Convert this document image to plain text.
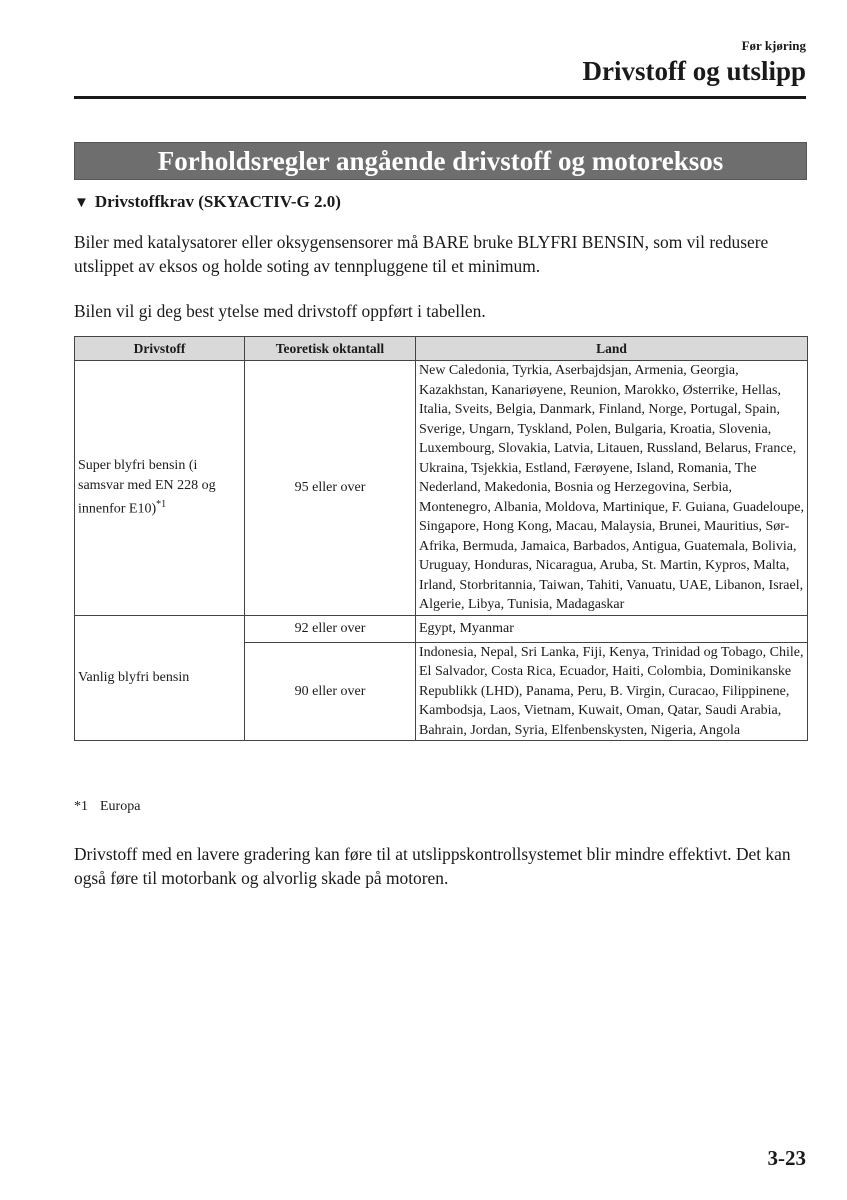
Før kjøring
Drivstoff og utslipp
Forholdsregler angående drivstoff og motoreksos
▼ Drivstoffkrav (SKYACTIV-G 2.0)
Biler med katalysatorer eller oksygensensorer må BARE bruke BLYFRI BENSIN, som vil redusere utslippet av eksos og holde soting av tennpluggene til et minimum.
Bilen vil gi deg best ytelse med drivstoff oppført i tabellen.
Drivstoff	Teoretisk oktantall	Land
Super blyfri bensin (i samsvar med EN 228 og innenfor E10)$^{*1}$	95 eller over	New Caledonia, Tyrkia, Aserbajdsjan, Armenia, Georgia, Kazakhstan, Kanariøyene, Reunion, Marokko, Østerrike, Hellas, Italia, Sveits, Belgia, Danmark, Finland, Norge, Portugal, Spain, Sverige, Ungarn, Tyskland, Polen, Bulgaria, Kroatia, Slovenia, Luxembourg, Slovakia, Latvia, Litauen, Russland, Belarus, France, Ukraina, Tsjekkia, Estland, Færøyene, Island, Romania, The Nederland, Makedonia, Bosnia og Herzegovina, Serbia, Montenegro, Albania, Moldova, Martinique, F. Guiana, Guadeloupe, Singapore, Hong Kong, Macau, Malaysia, Brunei, Mauritius, Sør-Afrika, Bermuda, Jamaica, Barbados, Antigua, Guatemala, Bolivia, Uruguay, Honduras, Nicaragua, Aruba, St. Martin, Kypros, Malta, Irland, Storbritannia, Taiwan, Tahiti, Vanuatu, UAE, Libanon, Israel, Algerie, Libya, Tunisia, Madagaskar
Vanlig blyfri bensin	92 eller over	Egypt, Myanmar
	90 eller over	Indonesia, Nepal, Sri Lanka, Fiji, Kenya, Trinidad og Tobago, Chile, El Salvador, Costa Rica, Ecuador, Haiti, Colombia, Dominikanske Republikk (LHD), Panama, Peru, B. Virgin, Curacao, Filippinene, Kambodsja, Laos, Vietnam, Kuwait, Oman, Qatar, Saudi Arabia, Bahrain, Jordan, Syria, Elfenbenskysten, Nigeria, Angola
*1 Europa
Drivstoff med en lavere gradering kan føre til at utslippskontrollsystemet blir mindre effektivt. Det kan også føre til motorbank og alvorlig skade på motoren.
3-23
